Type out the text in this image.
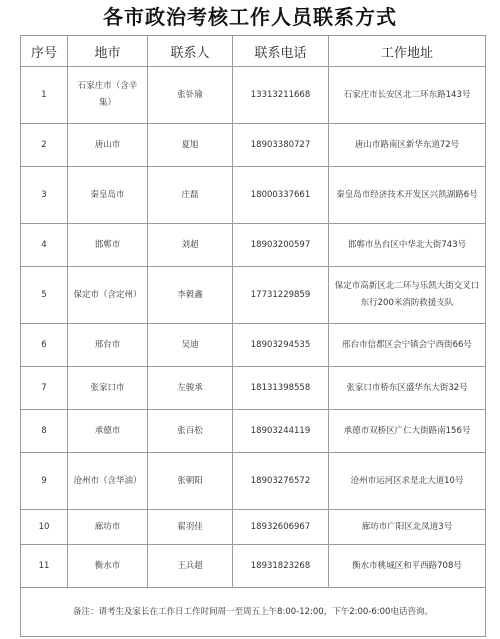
各市政治考核工作人员联系方式
序号	地市	联系人	联系电话	工作地址
1	石家庄市（含辛集）	张钋瑜	13313211668	石家庄市长安区北二环东路143号
2	唐山市	夏旭	18903380727	唐山市路南区新华东道72号
3	秦皇岛市	庄磊	18000337661	秦皇岛市经济技术开发区兴凯湖路6号
4	邯郸市	刘超	18903200597	邯郸市丛台区中华北大街743号
5	保定市（含定州）	李毅鑫	17731229859	保定市高新区北二环与乐凯大街交叉口东行200米消防救援支队
6	邢台市	吴迪	18903294535	邢台市信都区会宁镇会宁西街66号
7	张家口市	左骏承	18131398558	张家口市桥东区盛华东大街32号
8	承德市	张百松	18903244119	承德市双桥区广仁大街路南156号
9	沧州市（含华油）	张朝阳	18903276572	沧州市运河区求是北大道10号
10	廊坊市	翟羽佳	18932606967	廊坊市广阳区北凤道3号
11	衡水市	王兵超	18931823268	衡水市桃城区和平西路708号
备注：请考生及家长在工作日工作时间周一至周五上午8:00-12:00，下午2:00-6:00电话咨询。				
